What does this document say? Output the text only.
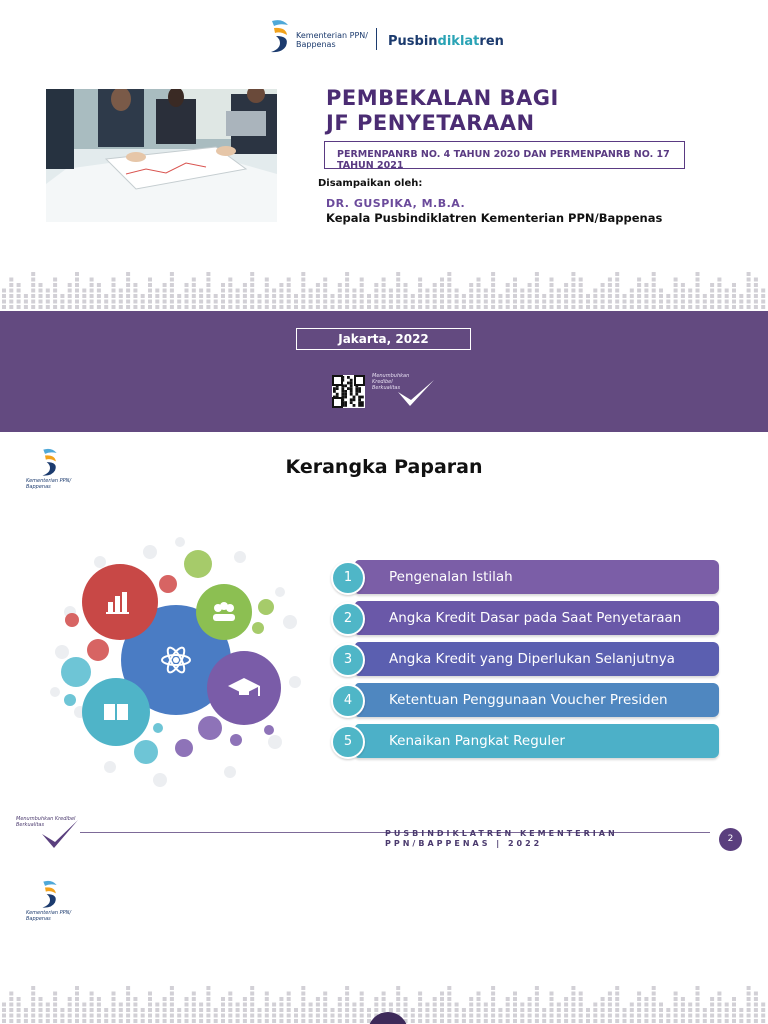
Kementerian PPN/
Bappenas	Pusbindiklatren
PEMBEKALAN BAGI
JF PENYETARAAN
PERMENPANRB NO. 4 TAHUN 2020 DAN PERMENPANRB NO. 17 TAHUN 2021
Disampaikan oleh:
DR. GUSPIKA, M.B.A.
Kepala Pusbindiklatren Kementerian PPN/Bappenas
Jakarta, 2022
Menumbuhkan Kredibel Berkualitas
Kementerian PPN/
Bappenas
Kerangka Paparan
Pengenalan Istilah
1
Angka Kredit Dasar pada Saat Penyetaraan
2
Angka Kredit yang Diperlukan Selanjutnya
3
Ketentuan Penggunaan Voucher Presiden
4
Kenaikan Pangkat Reguler
5
Menumbuhkan Kredibel Berkualitas
PUSBINDIKLATREN KEMENTERIAN PPN/BAPPENAS | 2022	2
Kementerian PPN/
Bappenas
